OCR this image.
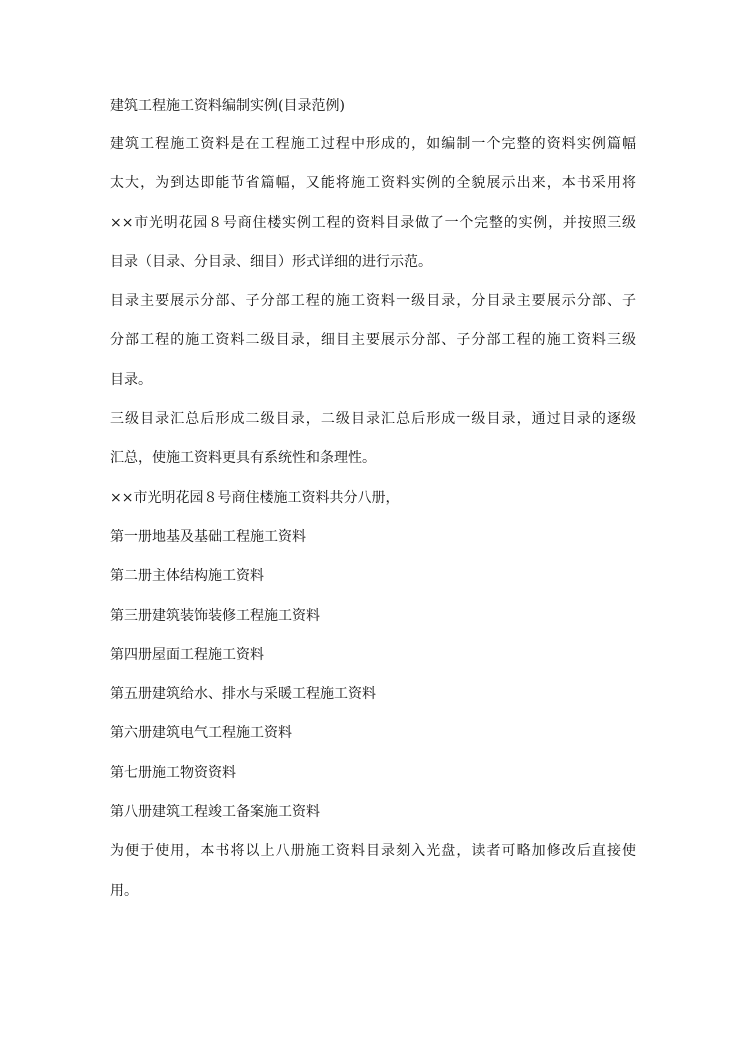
建筑工程施工资料编制实例(目录范例)

建筑工程施工资料是在工程施工过程中形成的，如编制一个完整的资料实例篇幅

太大，为到达即能节省篇幅，又能将施工资料实例的全貌展示出来，本书采用将

××市光明花园８号商住楼实例工程的资料目录做了一个完整的实例，并按照三级

目录（目录、分目录、细目）形式详细的进行示范。

目录主要展示分部、子分部工程的施工资料一级目录，分目录主要展示分部、子

分部工程的施工资料二级目录，细目主要展示分部、子分部工程的施工资料三级

目录。

三级目录汇总后形成二级目录，二级目录汇总后形成一级目录，通过目录的逐级

汇总，使施工资料更具有系统性和条理性。

××市光明花园８号商住楼施工资料共分八册，

第一册地基及基础工程施工资料

第二册主体结构施工资料

第三册建筑装饰装修工程施工资料

第四册屋面工程施工资料

第五册建筑给水、排水与采暖工程施工资料

第六册建筑电气工程施工资料

第七册施工物资资料

第八册建筑工程竣工备案施工资料

为便于使用，本书将以上八册施工资料目录刻入光盘，读者可略加修改后直接使

用。
